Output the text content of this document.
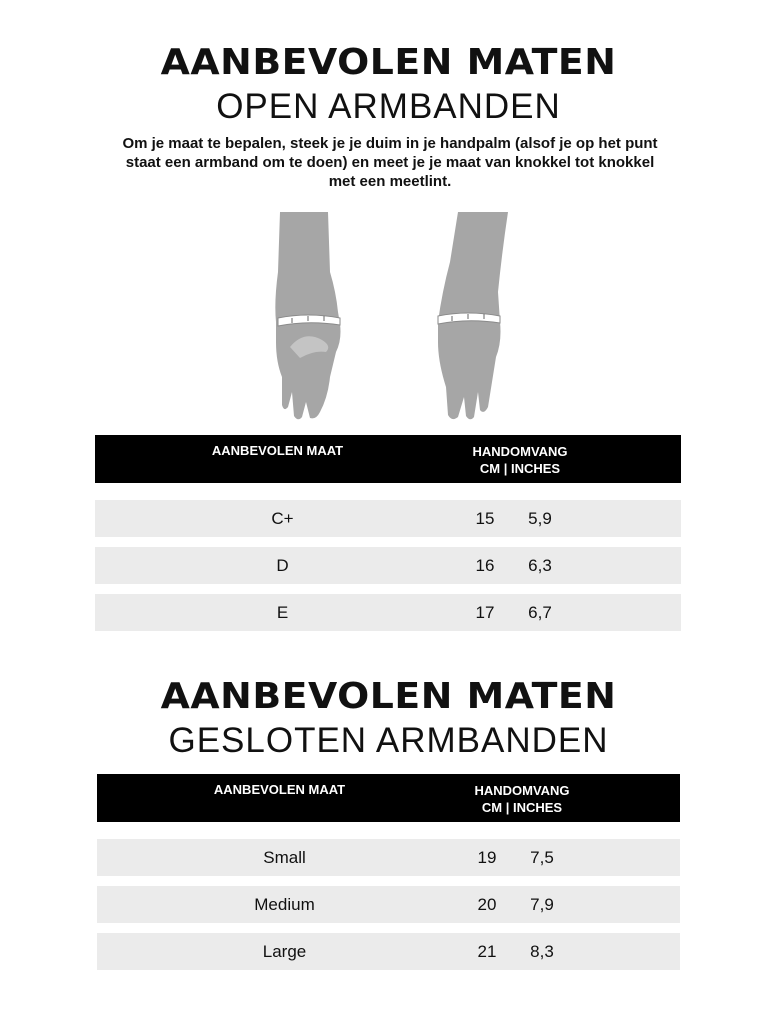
AANBEVOLEN MATEN
OPEN ARMBANDEN
Om je maat te bepalen, steek je je duim in je handpalm (alsof je op het punt
staat een armband om te doen) en meet je je maat van knokkel tot knokkel
met een meetlint.
AANBEVOLEN MAAT	HANDOMVANG
CM | INCHES
C+	15	5,9
D	16	6,3
E	17	6,7
AANBEVOLEN MATEN
GESLOTEN ARMBANDEN
AANBEVOLEN MAAT	HANDOMVANG
CM | INCHES
Small	19	7,5
Medium	20	7,9
Large	21	8,3
